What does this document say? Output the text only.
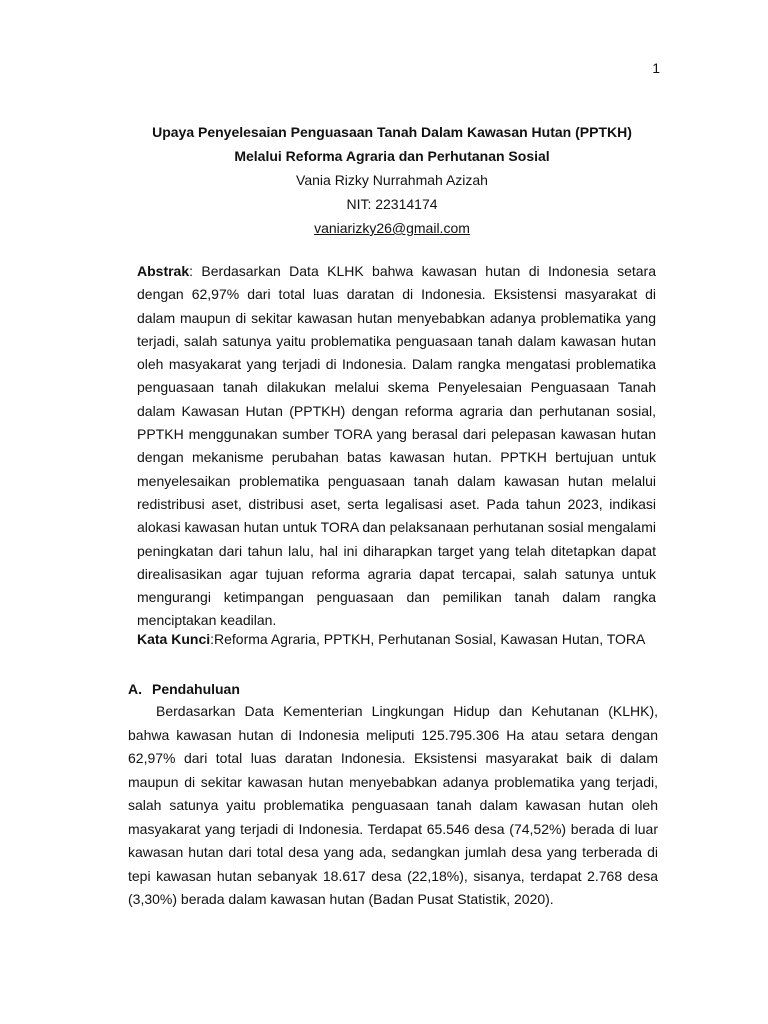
1
Upaya Penyelesaian Penguasaan Tanah Dalam Kawasan Hutan (PPTKH)
Melalui Reforma Agraria dan Perhutanan Sosial
Vania Rizky Nurrahmah Azizah
NIT: 22314174
vaniarizky26@gmail.com

Abstrak: Berdasarkan Data KLHK bahwa kawasan hutan di Indonesia setara dengan 62,97% dari total luas daratan di Indonesia. Eksistensi masyarakat di dalam maupun di sekitar kawasan hutan menyebabkan adanya problematika yang terjadi, salah satunya yaitu problematika penguasaan tanah dalam kawasan hutan oleh masyakarat yang terjadi di Indonesia. Dalam rangka mengatasi problematika penguasaan tanah dilakukan melalui skema Penyelesaian Penguasaan Tanah dalam Kawasan Hutan (PPTKH) dengan reforma agraria dan perhutanan sosial, PPTKH menggunakan sumber TORA yang berasal dari pelepasan kawasan hutan dengan mekanisme perubahan batas kawasan hutan. PPTKH bertujuan untuk menyelesaikan problematika penguasaan tanah dalam kawasan hutan melalui redistribusi aset, distribusi aset, serta legalisasi aset. Pada tahun 2023, indikasi alokasi kawasan hutan untuk TORA dan pelaksanaan perhutanan sosial mengalami peningkatan dari tahun lalu, hal ini diharapkan target yang telah ditetapkan dapat direalisasikan agar tujuan reforma agraria dapat tercapai, salah satunya untuk mengurangi ketimpangan penguasaan dan pemilikan tanah dalam rangka menciptakan keadilan.

Kata Kunci:Reforma Agraria, PPTKH, Perhutanan Sosial, Kawasan Hutan, TORA
A. Pendahuluan

Berdasarkan Data Kementerian Lingkungan Hidup dan Kehutanan (KLHK), bahwa kawasan hutan di Indonesia meliputi 125.795.306 Ha atau setara dengan 62,97% dari total luas daratan Indonesia. Eksistensi masyarakat baik di dalam maupun di sekitar kawasan hutan menyebabkan adanya problematika yang terjadi, salah satunya yaitu problematika penguasaan tanah dalam kawasan hutan oleh masyakarat yang terjadi di Indonesia. Terdapat 65.546 desa (74,52%) berada di luar kawasan hutan dari total desa yang ada, sedangkan jumlah desa yang terberada di tepi kawasan hutan sebanyak 18.617 desa (22,18%), sisanya, terdapat 2.768 desa (3,30%) berada dalam kawasan hutan (Badan Pusat Statistik, 2020).
